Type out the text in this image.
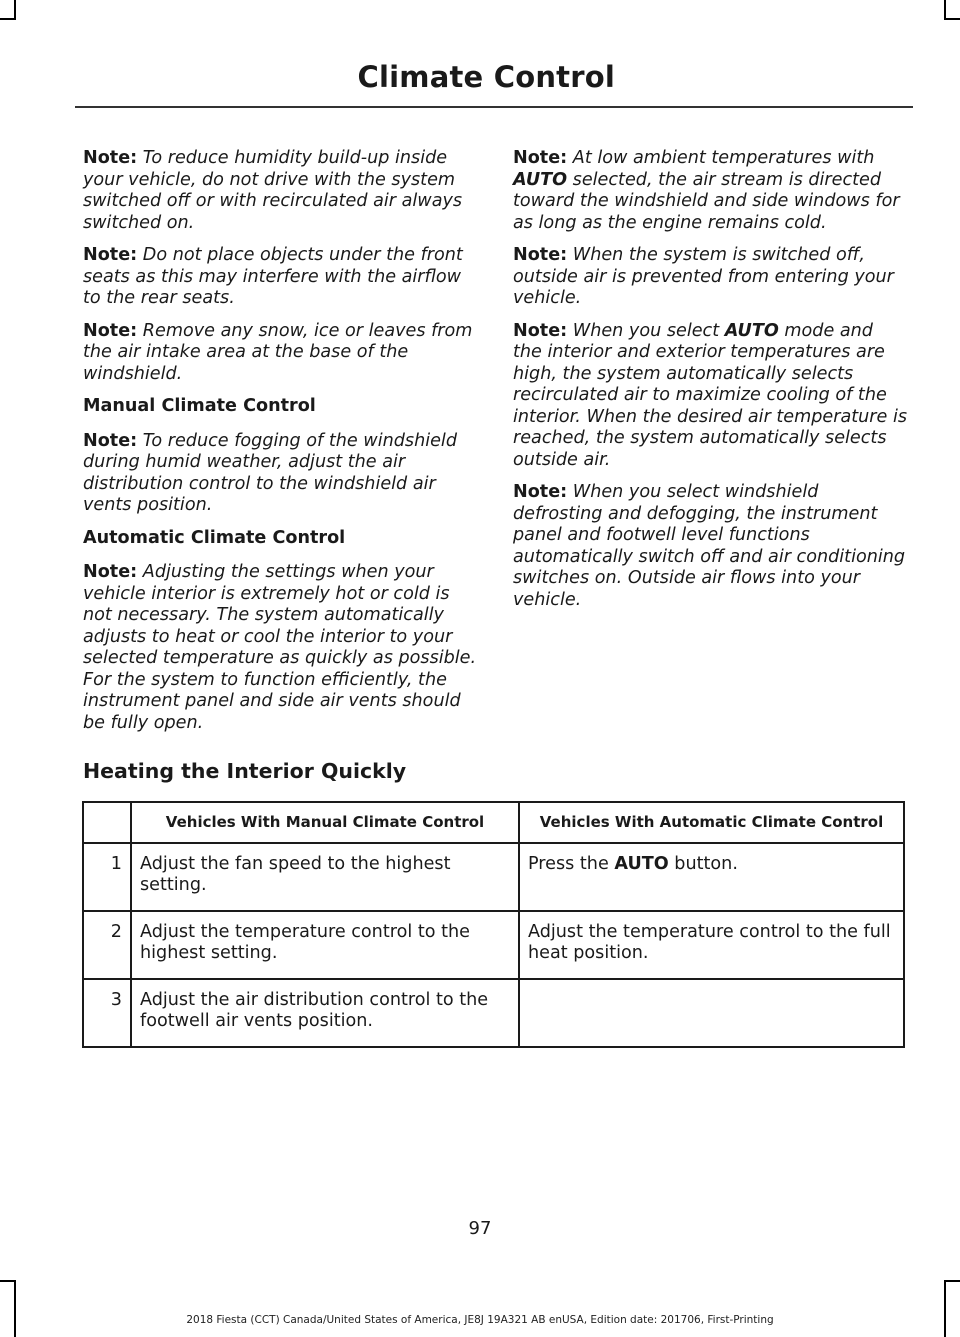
Climate Control

Note: To reduce humidity build-up inside your vehicle, do not drive with the system switched off or with recirculated air always switched on.

Note: Do not place objects under the front seats as this may interfere with the airflow to the rear seats.

Note: Remove any snow, ice or leaves from the air intake area at the base of the windshield.

Manual Climate Control

Note: To reduce fogging of the windshield during humid weather, adjust the air distribution control to the windshield air vents position.

Automatic Climate Control

Note: Adjusting the settings when your vehicle interior is extremely hot or cold is not necessary. The system automatically adjusts to heat or cool the interior to your selected temperature as quickly as possible. For the system to function efficiently, the instrument panel and side air vents should be fully open.

Note: At low ambient temperatures with AUTO selected, the air stream is directed toward the windshield and side windows for as long as the engine remains cold.

Note: When the system is switched off, outside air is prevented from entering your vehicle.

Note: When you select AUTO mode and the interior and exterior temperatures are high, the system automatically selects recirculated air to maximize cooling of the interior. When the desired air temperature is reached, the system automatically selects outside air.

Note: When you select windshield defrosting and defogging, the instrument panel and footwell level functions automatically switch off and air conditioning switches on. Outside air flows into your vehicle.

Heating the Interior Quickly
	Vehicles With Manual Climate Control	Vehicles With Automatic Climate Control
1	Adjust the fan speed to the highest setting.	Press the AUTO button.
2	Adjust the temperature control to the highest setting.	Adjust the temperature control to the full heat position.
3	Adjust the air distribution control to the footwell air vents position.	
97
2018 Fiesta (CCT) Canada/United States of America, JE8J 19A321 AB enUSA, Edition date: 201706, First-Printing
